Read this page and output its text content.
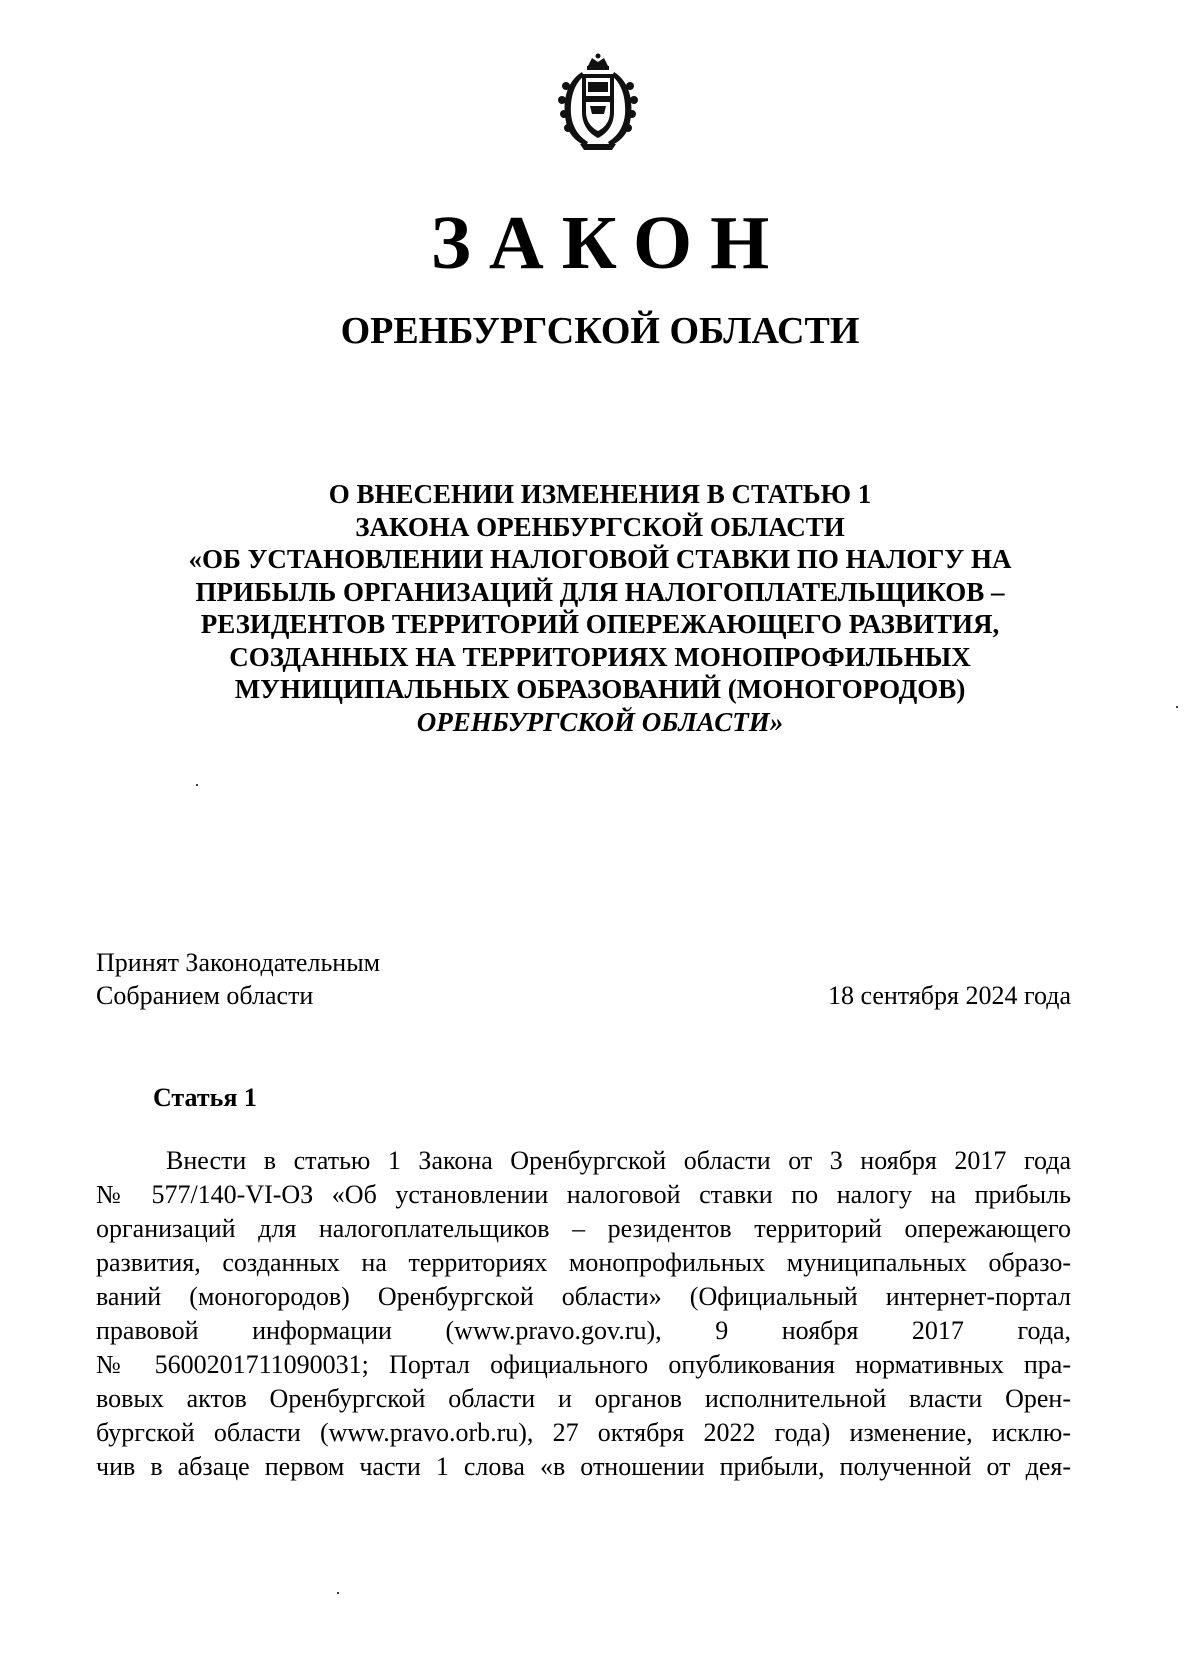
ЗАКОН
ОРЕНБУРГСКОЙ ОБЛАСТИ
О ВНЕСЕНИИ ИЗМЕНЕНИЯ В СТАТЬЮ 1
ЗАКОНА ОРЕНБУРГСКОЙ ОБЛАСТИ
«ОБ УСТАНОВЛЕНИИ НАЛОГОВОЙ СТАВКИ ПО НАЛОГУ НА
ПРИБЫЛЬ ОРГАНИЗАЦИЙ ДЛЯ НАЛОГОПЛАТЕЛЬЩИКОВ –
РЕЗИДЕНТОВ ТЕРРИТОРИЙ ОПЕРЕЖАЮЩЕГО РАЗВИТИЯ,
СОЗДАННЫХ НА ТЕРРИТОРИЯХ МОНОПРОФИЛЬНЫХ
МУНИЦИПАЛЬНЫХ ОБРАЗОВАНИЙ (МОНОГОРОДОВ)
ОРЕНБУРГСКОЙ ОБЛАСТИ»
Принят Законодательным
Собранием области	18 сентября 2024 года
Статья 1
Внести в статью 1 Закона Оренбургской области от 3 ноября 2017 года
№ 577/140-VI-ОЗ «Об установлении налоговой ставки по налогу на прибыль
организаций для налогоплательщиков – резидентов территорий опережающего
развития, созданных на территориях монопрофильных муниципальных образо-
ваний (моногородов) Оренбургской области» (Официальный интернет-портал
правовой информации (www.pravo.gov.ru), 9 ноября 2017 года,
№ 5600201711090031; Портал официального опубликования нормативных пра-
вовых актов Оренбургской области и органов исполнительной власти Орен-
бургской области (www.pravo.orb.ru), 27 октября 2022 года) изменение, исклю-
чив в абзаце первом части 1 слова «в отношении прибыли, полученной от дея-
